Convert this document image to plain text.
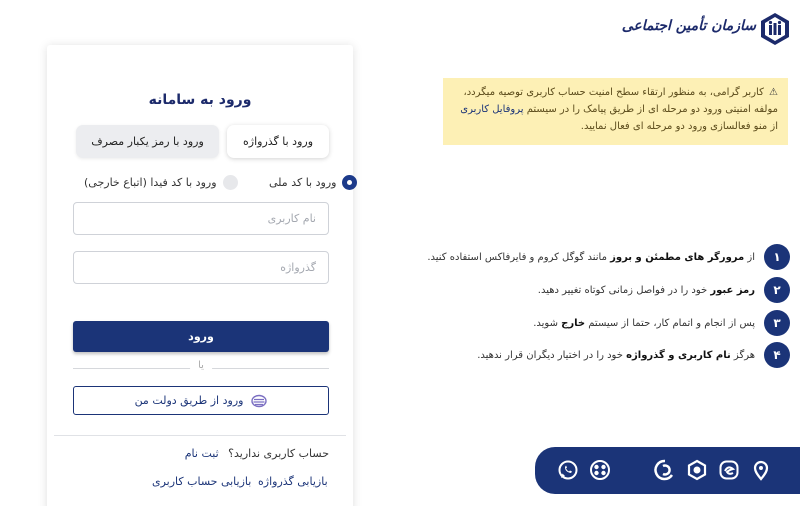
سازمان تأمین اجتماعی
⚠ کاربر گرامی، به منظور ارتقاء سطح امنیت حساب کاربری توصیه میگردد، مولفه امنیتی ورود دو مرحله ای از طریق پیامک را در سیستم پروفایل کاربری از منو فعالسازی ورود دو مرحله ای فعال نمایید.
۱
از مرورگر های مطمئن و بروز مانند گوگل کروم و فایرفاکس استفاده کنید.
۲
رمز عبور خود را در فواصل زمانی کوتاه تغییر دهید.
۳
پس از انجام و اتمام کار، حتما از سیستم خارج شوید.
۴
هرگز نام کاربری و گذرواژه خود را در اختیار دیگران قرار ندهید.
ورود به سامانه
ورود با گذرواژه
ورود با رمز یکبار مصرف
ورود با کد ملی
ورود با کد فیدا (اتباع خارجی)
نام کاربری
ورود
یا
ورود از طریق دولت من
حساب کاربری ندارید؟ ثبت نام
بازیابی گذرواژه
بازیابی حساب کاربری
